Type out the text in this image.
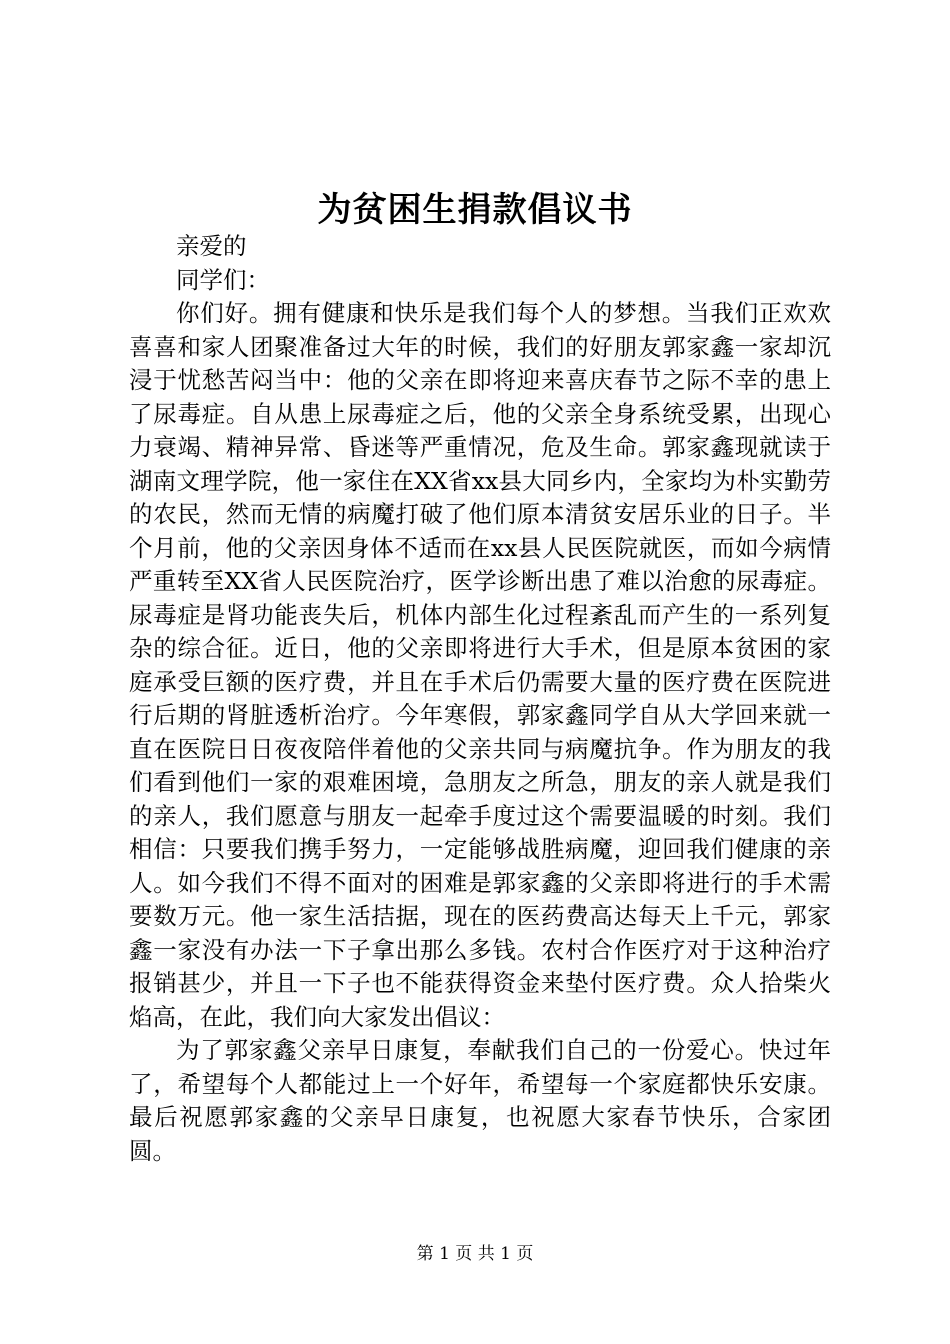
为贫困生捐款倡议书

亲爱的

同学们：

你们好。拥有健康和快乐是我们每个人的梦想。当我们正欢欢喜喜和家人团聚准备过大年的时候，我们的好朋友郭家鑫一家却沉浸于忧愁苦闷当中：他的父亲在即将迎来喜庆春节之际不幸的患上了尿毒症。自从患上尿毒症之后，他的父亲全身系统受累，出现心力衰竭、精神异常、昏迷等严重情况，危及生命。郭家鑫现就读于湖南文理学院，他一家住在XX省xx县大同乡内，全家均为朴实勤劳的农民，然而无情的病魔打破了他们原本清贫安居乐业的日子。半个月前，他的父亲因身体不适而在xx县人民医院就医，而如今病情严重转至XX省人民医院治疗，医学诊断出患了难以治愈的尿毒症。尿毒症是肾功能丧失后，机体内部生化过程紊乱而产生的一系列复杂的综合征。近日，他的父亲即将进行大手术，但是原本贫困的家庭承受巨额的医疗费，并且在手术后仍需要大量的医疗费在医院进行后期的肾脏透析治疗。今年寒假，郭家鑫同学自从大学回来就一直在医院日日夜夜陪伴着他的父亲共同与病魔抗争。作为朋友的我们看到他们一家的艰难困境，急朋友之所急，朋友的亲人就是我们的亲人，我们愿意与朋友一起牵手度过这个需要温暖的时刻。我们相信：只要我们携手努力，一定能够战胜病魔，迎回我们健康的亲人。如今我们不得不面对的困难是郭家鑫的父亲即将进行的手术需要数万元。他一家生活拮据，现在的医药费高达每天上千元，郭家鑫一家没有办法一下子拿出那么多钱。农村合作医疗对于这种治疗报销甚少，并且一下子也不能获得资金来垫付医疗费。众人拾柴火焰高，在此，我们向大家发出倡议：

为了郭家鑫父亲早日康复，奉献我们自己的一份爱心。快过年了，希望每个人都能过上一个好年，希望每一个家庭都快乐安康。最后祝愿郭家鑫的父亲早日康复，也祝愿大家春节快乐，合家团圆。

第 1 页 共 1 页
